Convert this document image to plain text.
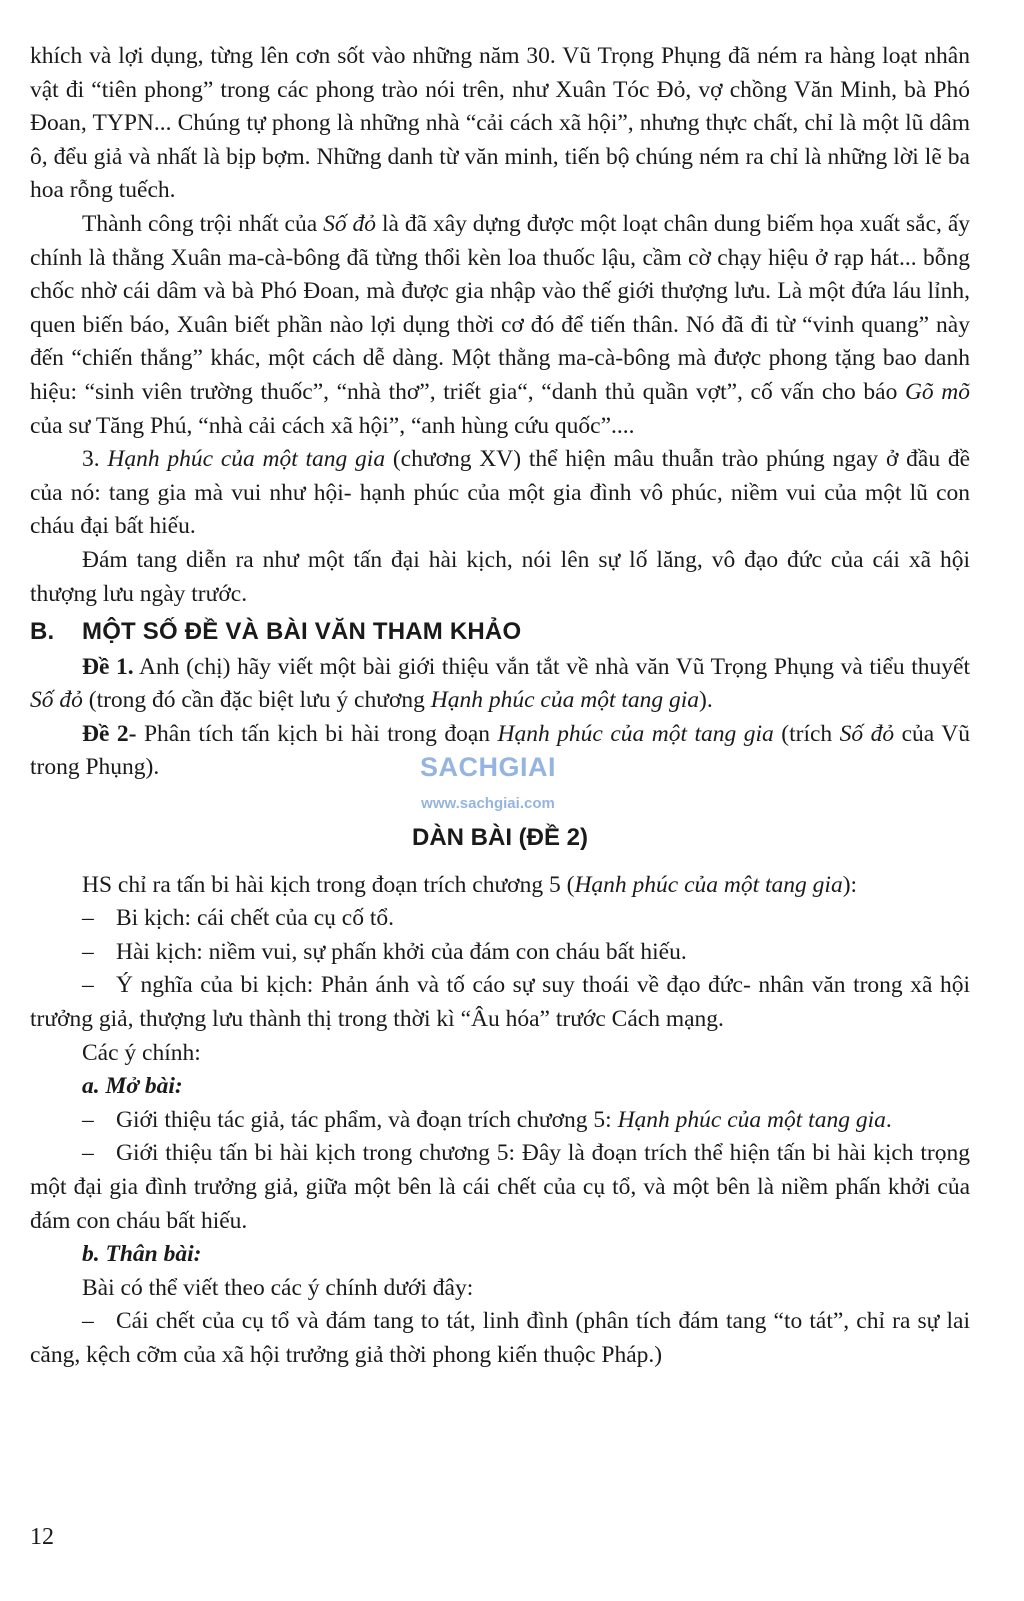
khích và lợi dụng, từng lên cơn sốt vào những năm 30. Vũ Trọng Phụng đã ném ra hàng loạt nhân vật đi “tiên phong” trong các phong trào nói trên, như Xuân Tóc Đỏ, vợ chồng Văn Minh, bà Phó Đoan, TYPN... Chúng tự phong là những nhà “cải cách xã hội”, nhưng thực chất, chỉ là một lũ dâm ô, đểu giả và nhất là bịp bợm. Những danh từ văn minh, tiến bộ chúng ném ra chỉ là những lời lẽ ba hoa rỗng tuếch.

Thành công trội nhất của Số đỏ là đã xây dựng được một loạt chân dung biếm họa xuất sắc, ấy chính là thằng Xuân ma-cà-bông đã từng thổi kèn loa thuốc lậu, cầm cờ chạy hiệu ở rạp hát... bỗng chốc nhờ cái dâm và bà Phó Đoan, mà được gia nhập vào thế giới thượng lưu. Là một đứa láu lỉnh, quen biến báo, Xuân biết phần nào lợi dụng thời cơ đó để tiến thân. Nó đã đi từ “vinh quang” này đến “chiến thắng” khác, một cách dễ dàng. Một thằng ma-cà-bông mà được phong tặng bao danh hiệu: “sinh viên trường thuốc”, “nhà thơ”, triết gia“, “danh thủ quần vợt”, cố vấn cho báo Gõ mõ của sư Tăng Phú, “nhà cải cách xã hội”, “anh hùng cứu quốc”....

3. Hạnh phúc của một tang gia (chương XV) thể hiện mâu thuẫn trào phúng ngay ở đầu đề của nó: tang gia mà vui như hội- hạnh phúc của một gia đình vô phúc, niềm vui của một lũ con cháu đại bất hiếu.

Đám tang diễn ra như một tấn đại hài kịch, nói lên sự lố lăng, vô đạo đức của cái xã hội thượng lưu ngày trước.

B. MỘT SỐ ĐỀ VÀ BÀI VĂN THAM KHẢO

Đề 1. Anh (chị) hãy viết một bài giới thiệu vắn tắt về nhà văn Vũ Trọng Phụng và tiểu thuyết Số đỏ (trong đó cần đặc biệt lưu ý chương Hạnh phúc của một tang gia).

Đề 2- Phân tích tấn kịch bi hài trong đoạn Hạnh phúc của một tang gia (trích Số đỏ của Vũ trong Phụng).

DÀN BÀI (ĐỀ 2)

HS chỉ ra tấn bi hài kịch trong đoạn trích chương 5 (Hạnh phúc của một tang gia):

– Bi kịch: cái chết của cụ cố tổ.

– Hài kịch: niềm vui, sự phấn khởi của đám con cháu bất hiếu.

– Ý nghĩa của bi kịch: Phản ánh và tố cáo sự suy thoái về đạo đức- nhân văn trong xã hội trưởng giả, thượng lưu thành thị trong thời kì “Âu hóa” trước Cách mạng.

Các ý chính:

a. Mở bài:

– Giới thiệu tác giả, tác phẩm, và đoạn trích chương 5: Hạnh phúc của một tang gia.

– Giới thiệu tấn bi hài kịch trong chương 5: Đây là đoạn trích thể hiện tấn bi hài kịch trọng một đại gia đình trưởng giả, giữa một bên là cái chết của cụ tổ, và một bên là niềm phấn khởi của đám con cháu bất hiếu.

b. Thân bài:

Bài có thể viết theo các ý chính dưới đây:

– Cái chết của cụ tổ và đám tang to tát, linh đình (phân tích đám tang “to tát”, chỉ ra sự lai căng, kệch cỡm của xã hội trưởng giả thời phong kiến thuộc Pháp.)

SACHGIAI
www.sachgiai.com
12
